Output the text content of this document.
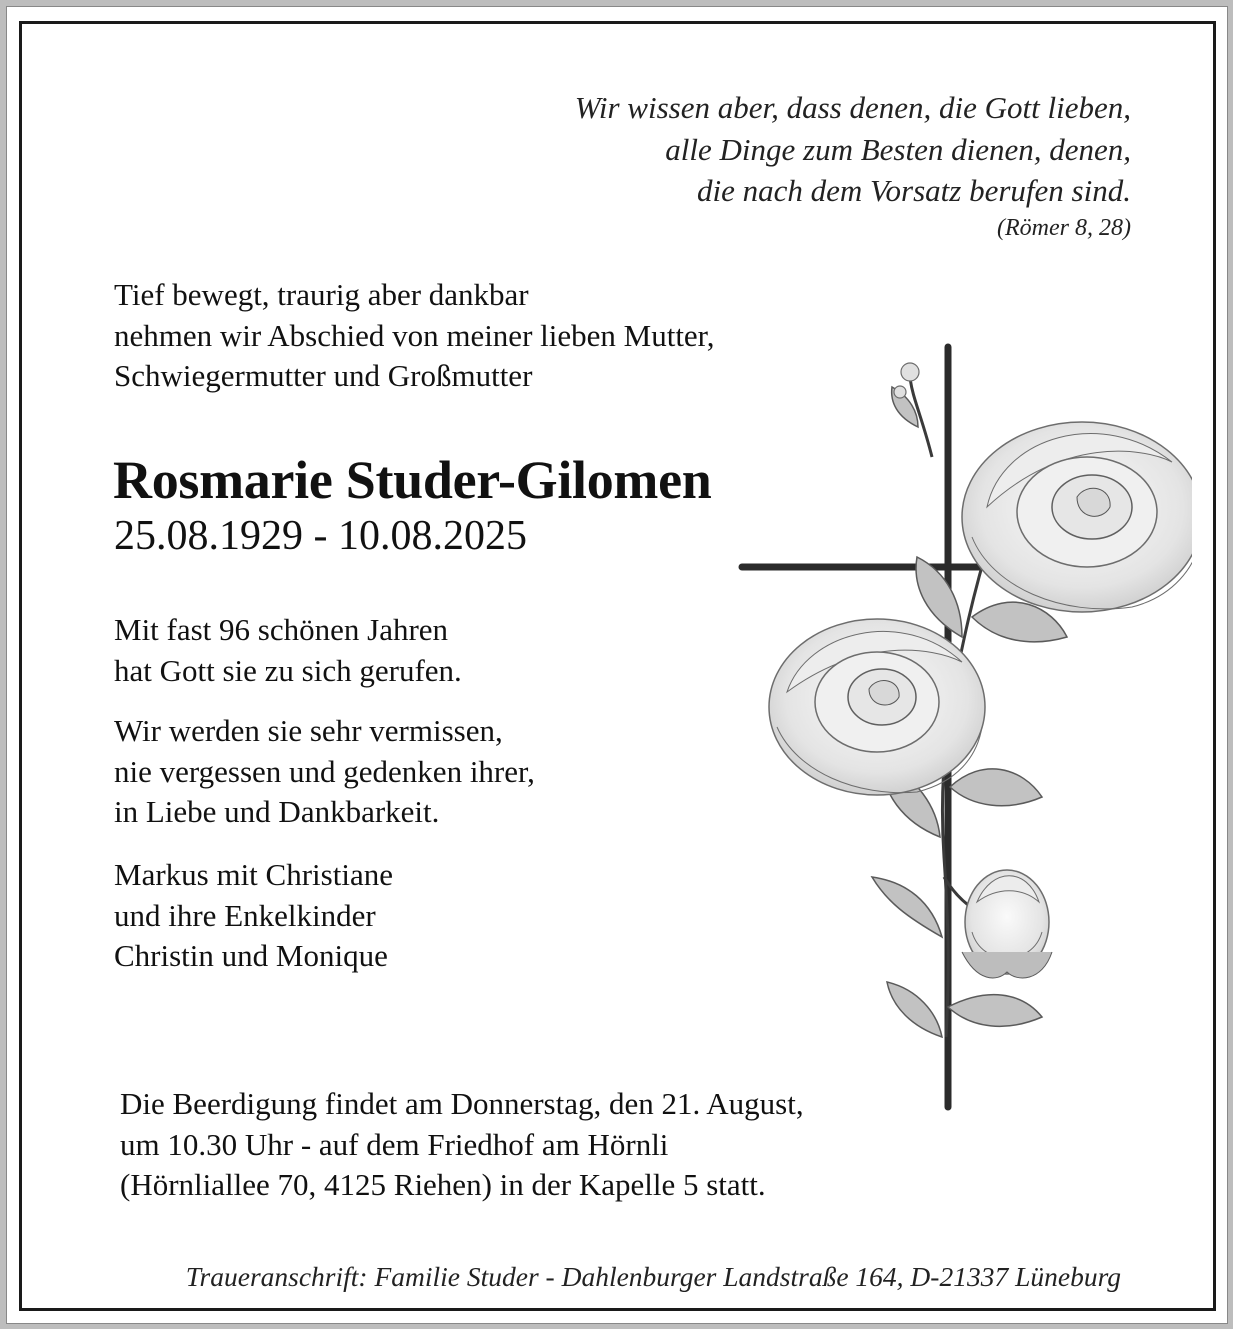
Wir wissen aber, dass denen, die Gott lieben,
alle Dinge zum Besten dienen, denen,
die nach dem Vorsatz berufen sind.
(Römer 8, 28)
Tief bewegt, traurig aber dankbar
nehmen wir Abschied von meiner lieben Mutter,
Schwiegermutter und Großmutter
Rosmarie Studer-Gilomen
25.08.1929 - 10.08.2025
Mit fast 96 schönen Jahren
hat Gott sie zu sich gerufen.
Wir werden sie sehr vermissen,
nie vergessen und gedenken ihrer,
in Liebe und Dankbarkeit.
Markus mit Christiane
und ihre Enkelkinder
Christin und Monique
Die Beerdigung findet am Donnerstag, den 21. August,
um 10.30 Uhr - auf dem Friedhof am Hörnli
(Hörnliallee 70, 4125 Riehen) in der Kapelle 5 statt.
Traueranschrift: Familie Studer - Dahlenburger Landstraße 164, D-21337 Lüneburg
